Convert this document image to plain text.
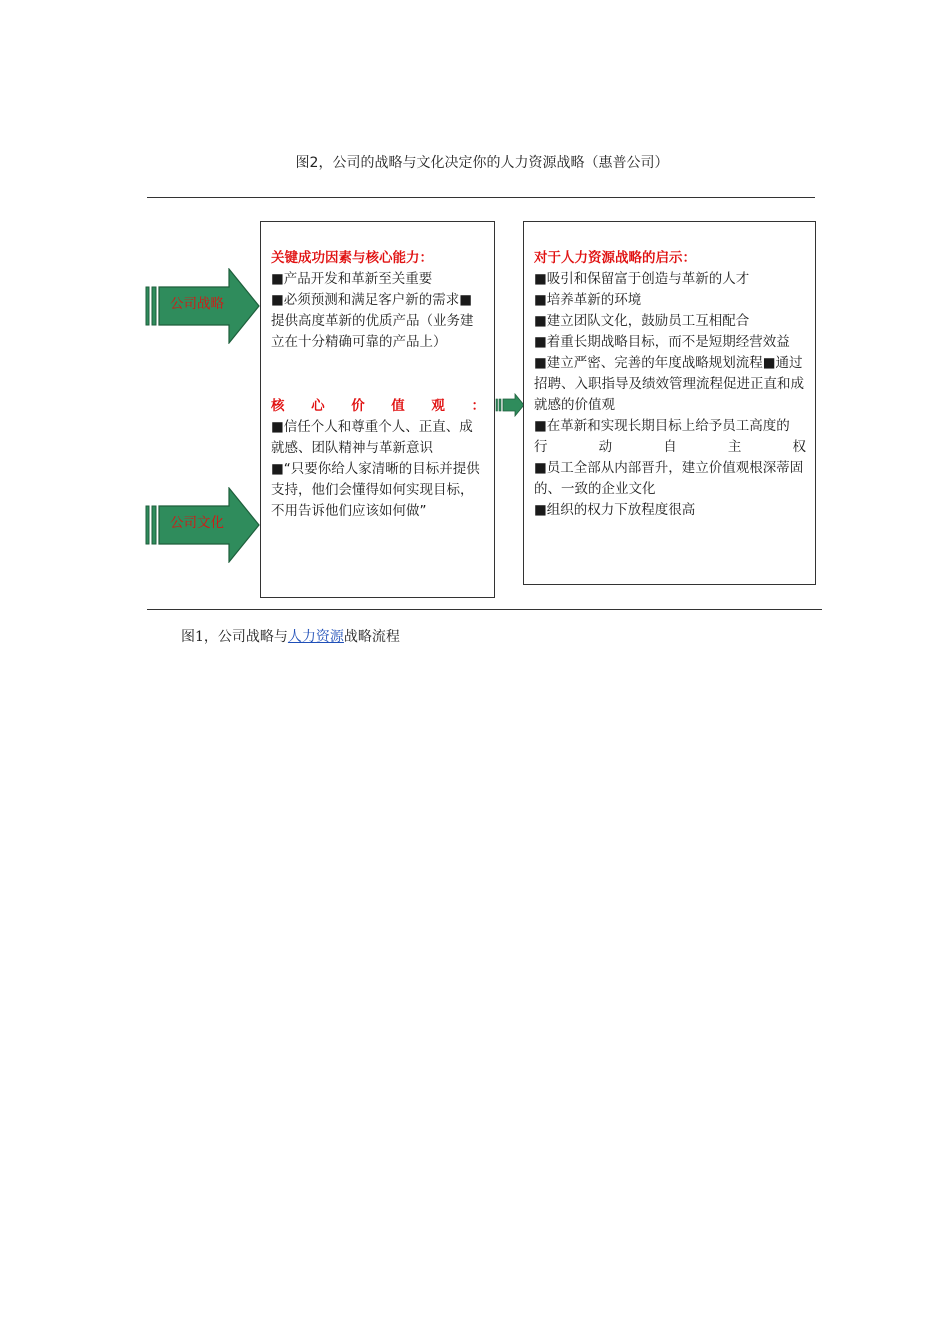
图2，公司的战略与文化决定你的人力资源战略（惠普公司）
公司战略
公司文化
关键成功因素与核心能力：
■产品开发和革新至关重要
■必须预测和满足客户新的需求■提供高度革新的优质产品（业务建立在十分精确可靠的产品上）
核 心 价 值 观 ：
■信任个人和尊重个人、正直、成就感、团队精神与革新意识
■“只要你给人家清晰的目标并提供支持，他们会懂得如何实现目标，不用告诉他们应该如何做”
对于人力资源战略的启示：
■吸引和保留富于创造与革新的人才
■培养革新的环境
■建立团队文化，鼓励员工互相配合
■着重长期战略目标，而不是短期经营效益
■建立严密、完善的年度战略规划流程■通过招聘、入职指导及绩效管理流程促进正直和成就感的价值观
■在革新和实现长期目标上给予员工高度的
行	动	自	主	权
■员工全部从内部晋升，建立价值观根深蒂固的、一致的企业文化
■组织的权力下放程度很高
图1，公司战略与人力资源战略流程
